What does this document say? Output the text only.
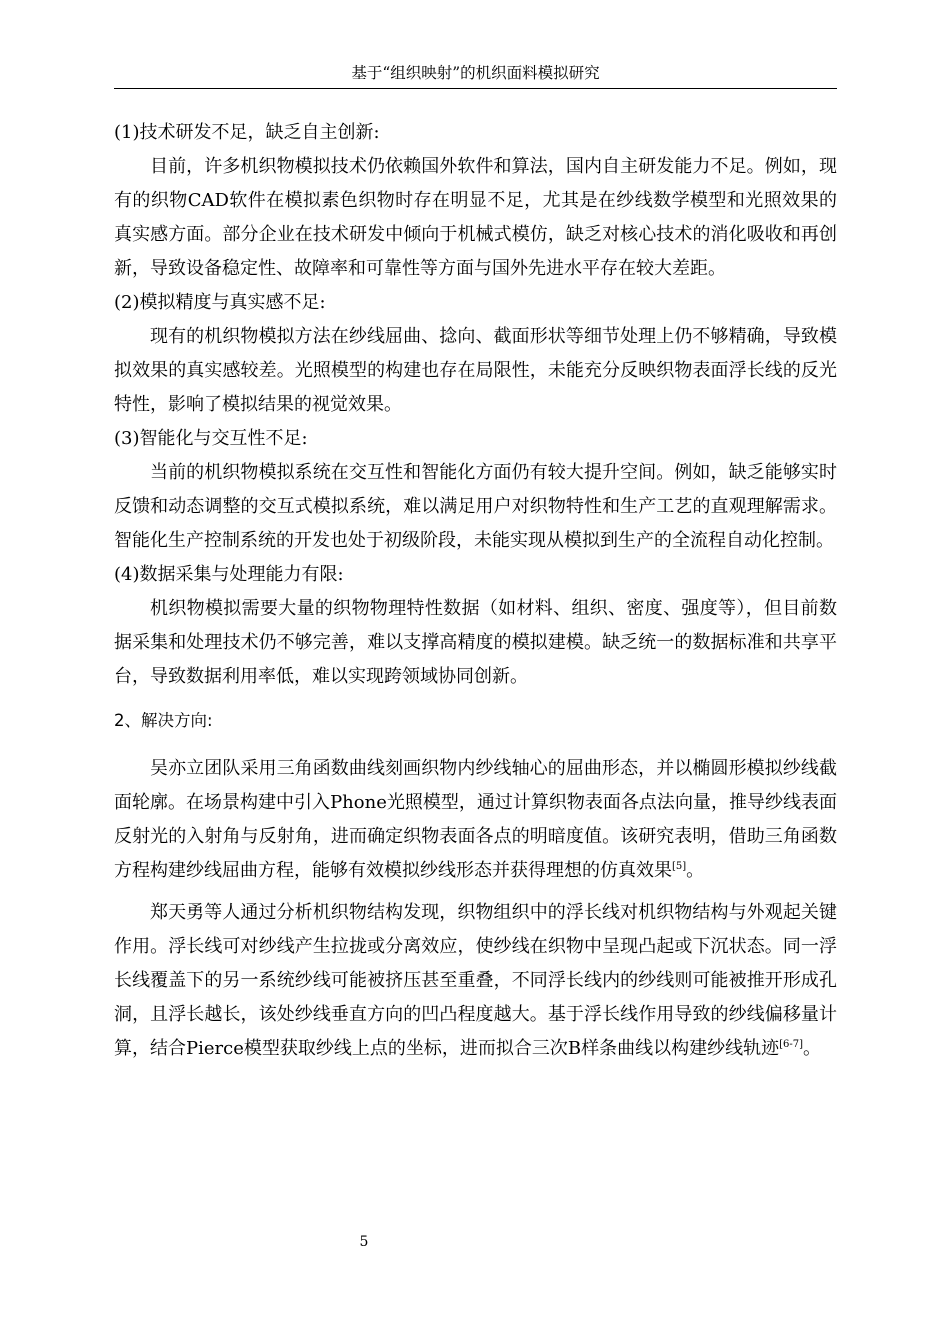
基于“组织映射”的机织面料模拟研究

(1)技术研发不足，缺乏自主创新:

目前，许多机织物模拟技术仍依赖国外软件和算法，国内自主研发能力不足。例如，现有的织物CAD软件在模拟素色织物时存在明显不足，尤其是在纱线数学模型和光照效果的真实感方面。部分企业在技术研发中倾向于机械式模仿，缺乏对核心技术的消化吸收和再创新，导致设备稳定性、故障率和可靠性等方面与国外先进水平存在较大差距。

(2)模拟精度与真实感不足:

现有的机织物模拟方法在纱线屈曲、捻向、截面形状等细节处理上仍不够精确，导致模拟效果的真实感较差。光照模型的构建也存在局限性，未能充分反映织物表面浮长线的反光特性，影响了模拟结果的视觉效果。

(3)智能化与交互性不足:

当前的机织物模拟系统在交互性和智能化方面仍有较大提升空间。例如，缺乏能够实时反馈和动态调整的交互式模拟系统，难以满足用户对织物特性和生产工艺的直观理解需求。智能化生产控制系统的开发也处于初级阶段，未能实现从模拟到生产的全流程自动化控制。

(4)数据采集与处理能力有限:

机织物模拟需要大量的织物物理特性数据（如材料、组织、密度、强度等），但目前数据采集和处理技术仍不够完善，难以支撑高精度的模拟建模。缺乏统一的数据标准和共享平台，导致数据利用率低，难以实现跨领域协同创新。

2、解决方向:

吴亦立团队采用三角函数曲线刻画织物内纱线轴心的屈曲形态，并以椭圆形模拟纱线截面轮廓。在场景构建中引入Phone光照模型，通过计算织物表面各点法向量，推导纱线表面反射光的入射角与反射角，进而确定织物表面各点的明暗度值。该研究表明，借助三角函数方程构建纱线屈曲方程，能够有效模拟纱线形态并获得理想的仿真效果[5]。

郑天勇等人通过分析机织物结构发现，织物组织中的浮长线对机织物结构与外观起关键作用。浮长线可对纱线产生拉拢或分离效应，使纱线在织物中呈现凸起或下沉状态。同一浮长线覆盖下的另一系统纱线可能被挤压甚至重叠，不同浮长线内的纱线则可能被推开形成孔洞，且浮长越长，该处纱线垂直方向的凹凸程度越大。基于浮长线作用导致的纱线偏移量计算，结合Pierce模型获取纱线上点的坐标，进而拟合三次B样条曲线以构建纱线轨迹[6-7]。

5
